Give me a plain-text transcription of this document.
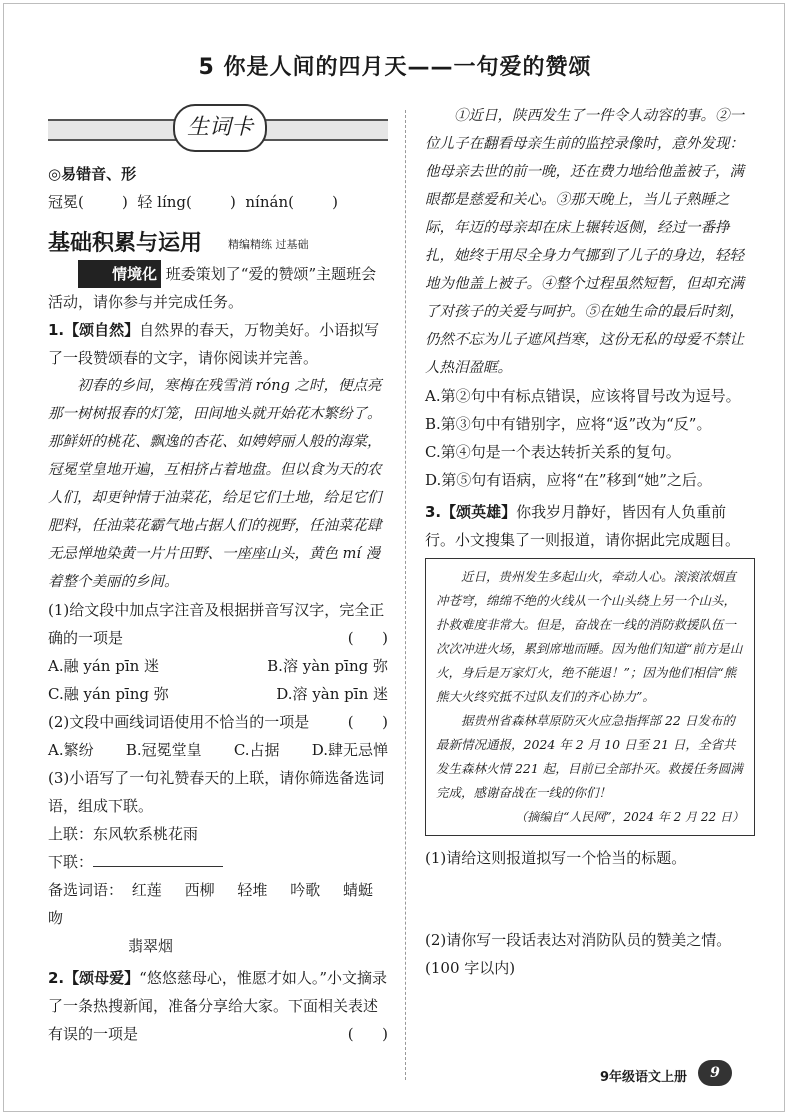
5 你是人间的四月天——一句爱的赞颂
生词卡
◎易错音、形
冠冕(        )  轻 líng(        )  nínán(        )
基础积累与运用 精编精练 过基础
情境化 班委策划了“爱的赞颂”主题班会活动，请你参与并完成任务。
1.【颂自然】自然界的春天，万物美好。小语拟写了一段赞颂春的文字，请你阅读并完善。
初春的乡间，寒梅在残雪消 róng 之时，便点亮那一树树报春的灯笼，田间地头就开始花木繁纷了。那鲜妍的桃花、飘逸的杏花、如娉婷丽人般的海棠，冠冕堂皇地开遍，互相挤占着地盘。但以食为天的农人们，却更钟情于油菜花，给足它们土地，给足它们肥料，任油菜花霸气地占据人们的视野，任油菜花肆无忌惮地染黄一片片田野、一座座山头，黄色 mí 漫着整个美丽的乡间。
(1)给文段中加点字注音及根据拼音写汉字，完全正确的一项是	(      )
A.融 yán pīn 迷	B.溶 yàn pīng 弥
C.融 yán pīng 弥	D.溶 yàn pīn 迷
(2)文段中画线词语使用不恰当的一项是	(      )
A.繁纷 B.冠冕堂皇 C.占据 D.肆无忌惮
(3)小语写了一句礼赞春天的上联，请你筛选备选词语，组成下联。
上联：东风软系桃花雨
下联：
备选词语： 红莲 西柳 轻堆 吟歌 蜻蜓吻
翡翠烟
2.【颂母爱】“悠悠慈母心，惟愿才如人。”小文摘录了一条热搜新闻，准备分享给大家。下面相关表述有误的一项是	(      )
①近日，陕西发生了一件令人动容的事。②一位儿子在翻看母亲生前的监控录像时，意外发现：他母亲去世的前一晚，还在费力地给他盖被子，满眼都是慈爱和关心。③那天晚上，当儿子熟睡之际，年迈的母亲却在床上辗转返侧，经过一番挣扎，她终于用尽全身力气挪到了儿子的身边，轻轻地为他盖上被子。④整个过程虽然短暂，但却充满了对孩子的关爱与呵护。⑤在她生命的最后时刻，仍然不忘为儿子遮风挡寒，这份无私的母爱不禁让人热泪盈眶。
A.第②句中有标点错误，应该将冒号改为逗号。
B.第③句中有错别字，应将“返”改为“反”。
C.第④句是一个表达转折关系的复句。
D.第⑤句有语病，应将“在”移到“她”之后。
3.【颂英雄】你我岁月静好，皆因有人负重前行。小文搜集了一则报道，请你据此完成题目。
近日，贵州发生多起山火，牵动人心。滚滚浓烟直冲苍穹，绵绵不绝的火线从一个山头绕上另一个山头，扑救难度非常大。但是，奋战在一线的消防救援队伍一次次冲进火场，累到席地而睡。因为他们知道“前方是山火，身后是万家灯火，绝不能退！”；因为他们相信“熊熊大火终究抵不过队友们的齐心协力”。
据贵州省森林草原防灭火应急指挥部 22 日发布的最新情况通报，2024 年 2 月 10 日至 21 日，全省共发生森林火情 221 起，目前已全部扑灭。救援任务圆满完成，感谢奋战在一线的你们！
（摘编自“人民网”，2024 年 2 月 22 日）
(1)请给这则报道拟写一个恰当的标题。
(2)请你写一段话表达对消防队员的赞美之情。(100 字以内)
9年级语文上册	9
